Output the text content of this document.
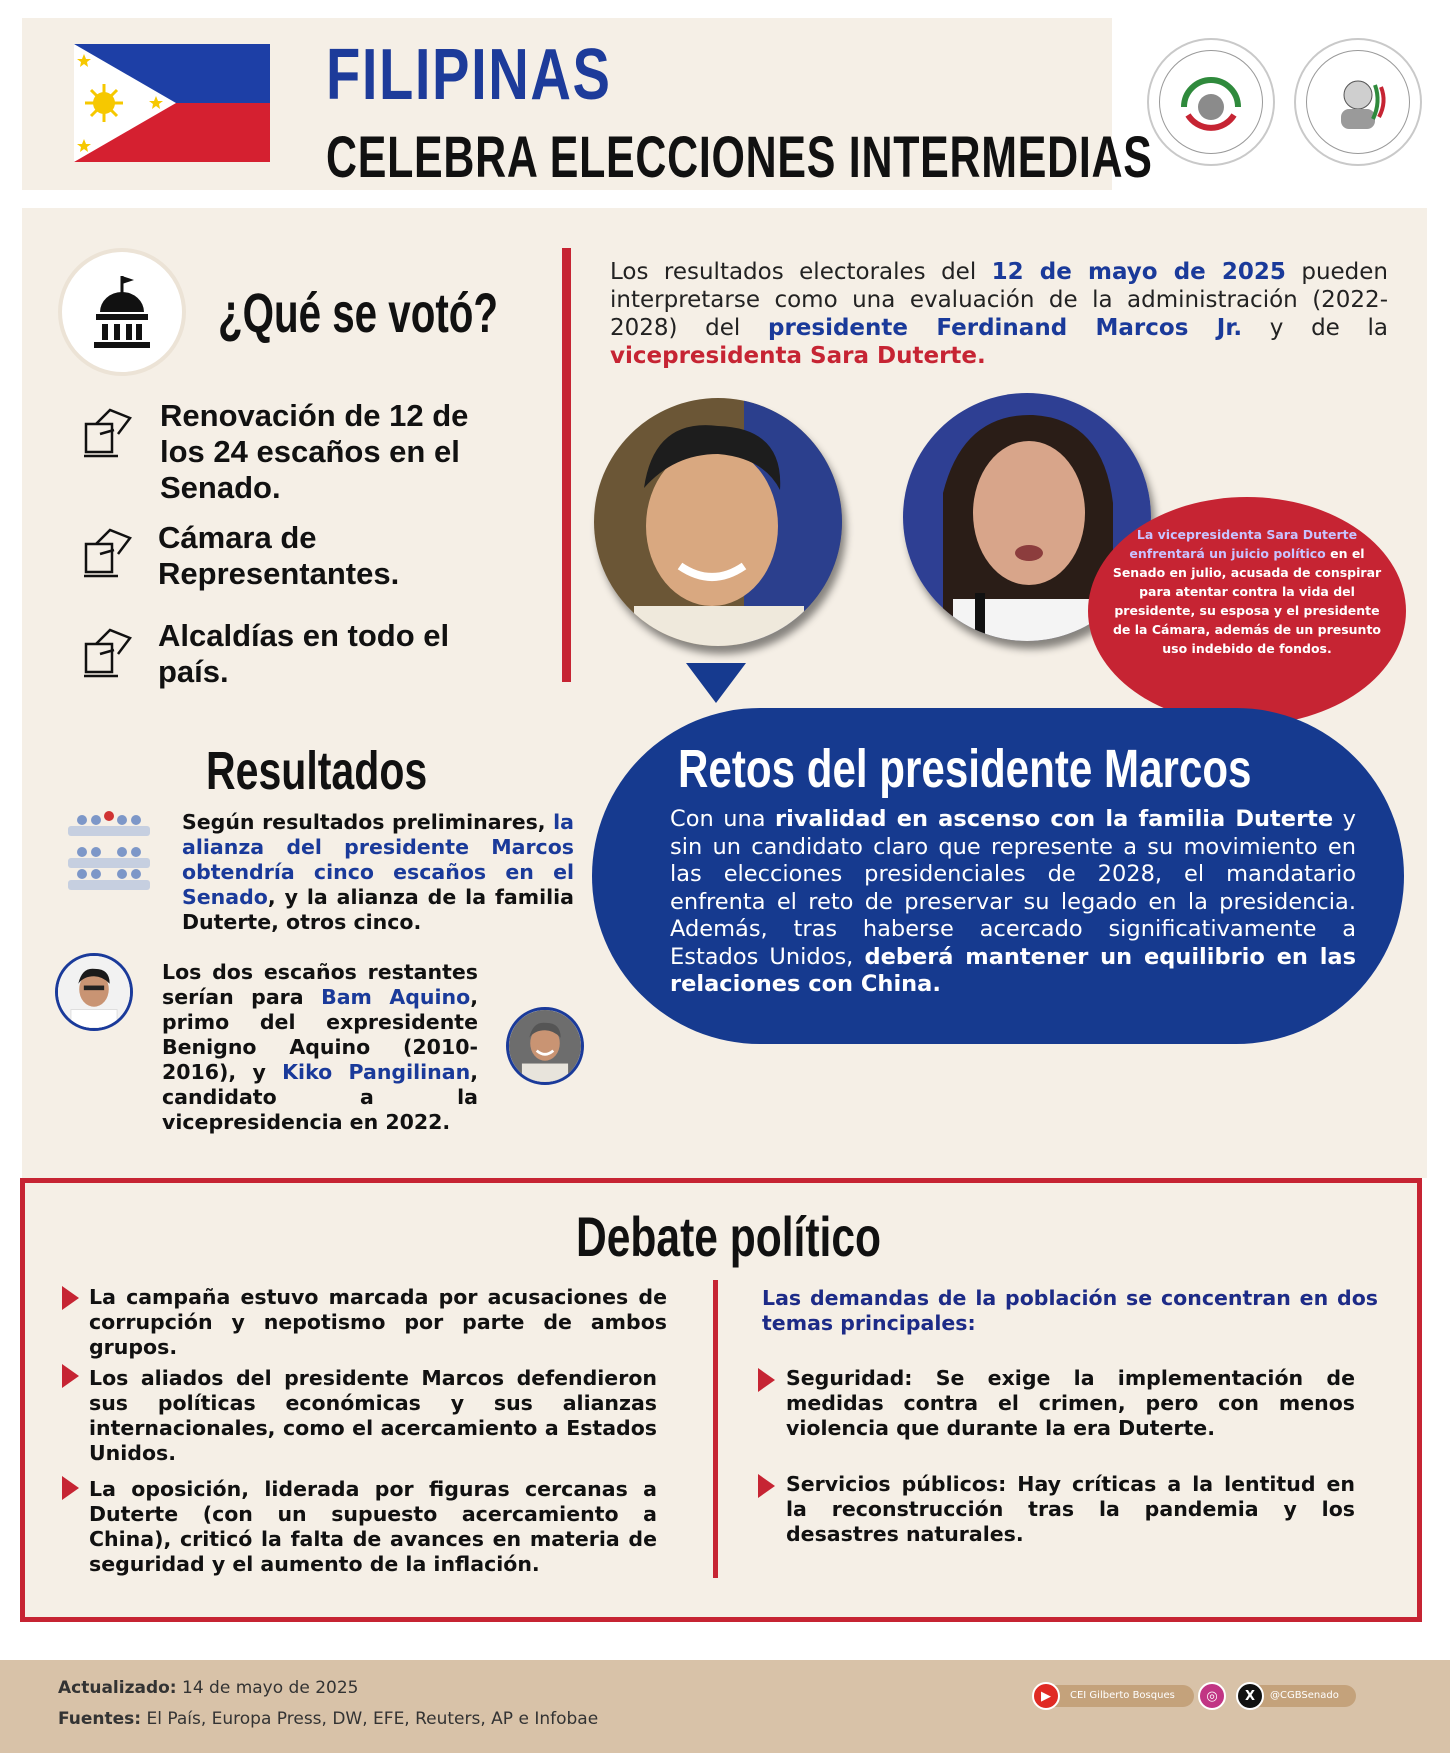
FILIPINAS
CELEBRA ELECCIONES INTERMEDIAS
¿Qué se votó?
Renovación de 12 de los 24 escaños en el Senado.
Cámara de Representantes.
Alcaldías en todo el país.
Los resultados electorales del 12 de mayo de 2025 pueden interpretarse como una evaluación de la administración (2022-2028) del presidente Ferdinand Marcos Jr. y de la vicepresidenta Sara Duterte.
La vicepresidenta Sara Duterte enfrentará un juicio político en el Senado en julio, acusada de conspirar para atentar contra la vida del presidente, su esposa y el presidente de la Cámara, además de un presunto uso indebido de fondos.
Retos del presidente Marcos
Con una rivalidad en ascenso con la familia Duterte y sin un candidato claro que represente a su movimiento en las elecciones presidenciales de 2028, el mandatario enfrenta el reto de preservar su legado en la presidencia. Además, tras haberse acercado significativamente a Estados Unidos, deberá mantener un equilibrio en las relaciones con China.
Resultados
Según resultados preliminares, la alianza del presidente Marcos obtendría cinco escaños en el Senado, y la alianza de la familia Duterte, otros cinco.
Los dos escaños restantes serían para Bam Aquino, primo del expresidente Benigno Aquino (2010-2016), y Kiko Pangilinan, candidato a la vicepresidencia en 2022.
Debate político
La campaña estuvo marcada por acusaciones de corrupción y nepotismo por parte de ambos grupos.
Los aliados del presidente Marcos defendieron sus políticas económicas y sus alianzas internacionales, como el acercamiento a Estados Unidos.
La oposición, liderada por figuras cercanas a Duterte (con un supuesto acercamiento a China), criticó la falta de avances en materia de seguridad y el aumento de la inflación.
Las demandas de la población se concentran en dos temas principales:
Seguridad: Se exige la implementación de medidas contra el crimen, pero con menos violencia que durante la era Duterte.
Servicios públicos: Hay críticas a la lentitud en la reconstrucción tras la pandemia y los desastres naturales.
Actualizado: 14 de mayo de 2025
Fuentes: El País, Europa Press, DW, EFE, Reuters, AP e Infobae
CEI Gilberto Bosques
▶	◎	@CGBSenado
X
